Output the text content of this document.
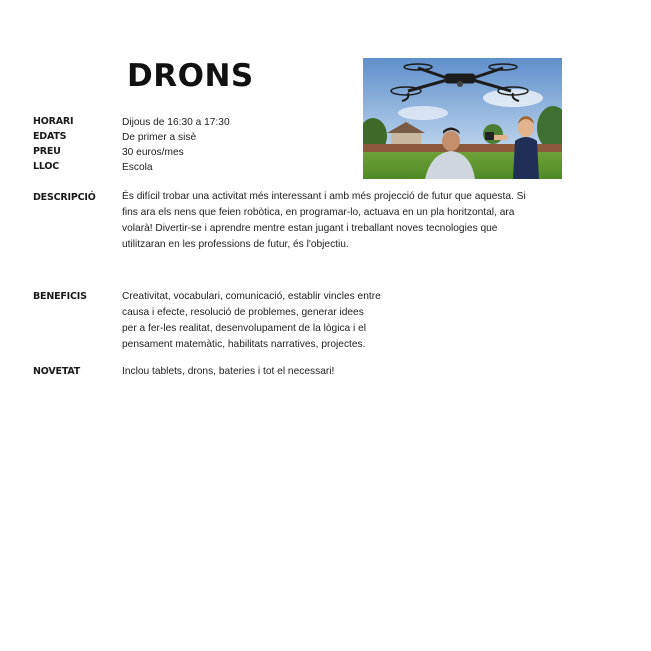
DRONS
HORARI	Dijous de 16:30 a 17:30
EDATS	De primer a sisè
PREU	30 euros/mes
LLOC	Escola
DESCRIPCIÓ	És difícil trobar una activitat més interessant i amb més projecció de futur que aquesta. Si
fins ara els nens que feien robòtica, en programar-lo, actuava en un pla horitzontal, ara
volarà! Divertir-se i aprendre mentre estan jugant i treballant noves tecnologies que
utilitzaran en les professions de futur, és l'objectiu.
BENEFICIS	Creativitat, vocabulari, comunicació, establir vincles entre
causa i efecte, resolució de problemes, generar idees
per a fer-les realitat, desenvolupament de la lògica i el
pensament matemàtic, habilitats narratives, projectes.
NOVETAT	Inclou tablets, drons, bateries i tot el necessari!
